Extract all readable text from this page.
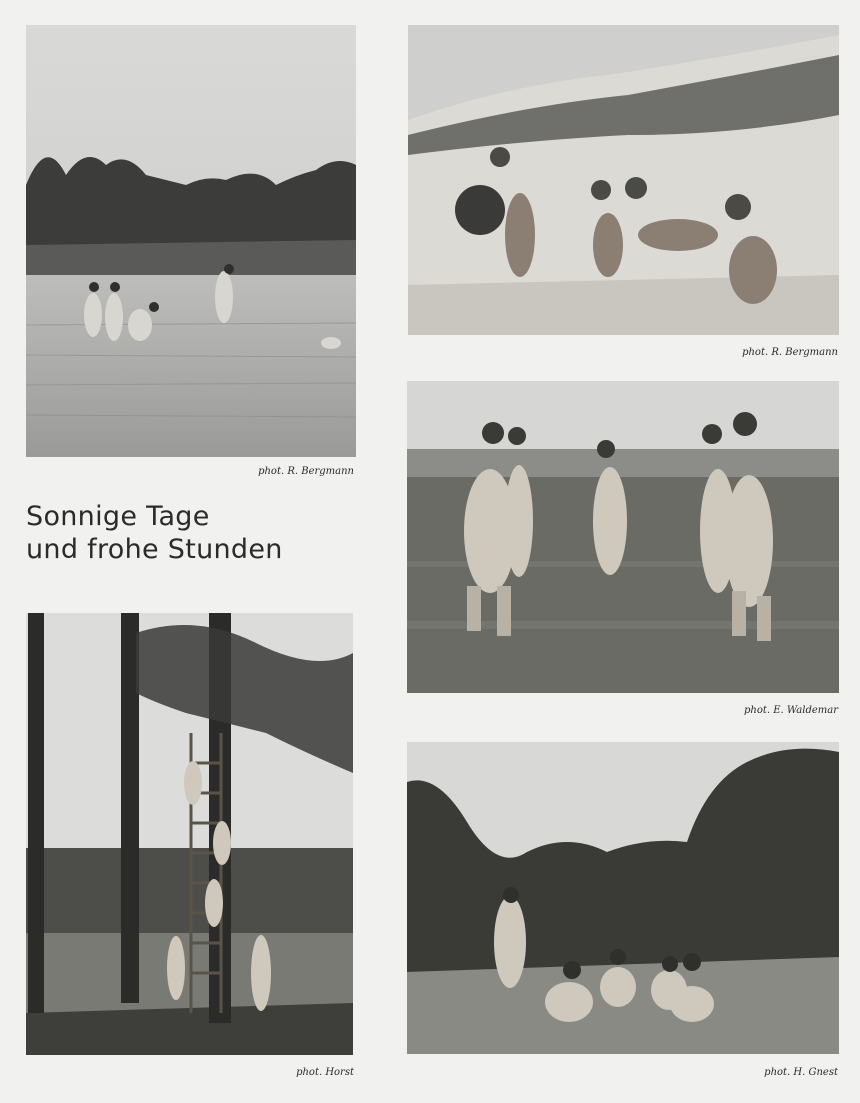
phot. R. Bergmann
phot. R. Bergmann
Sonnige Tage
und frohe Stunden
phot. E. Waldemar
phot. Horst	phot. H. Gnest
